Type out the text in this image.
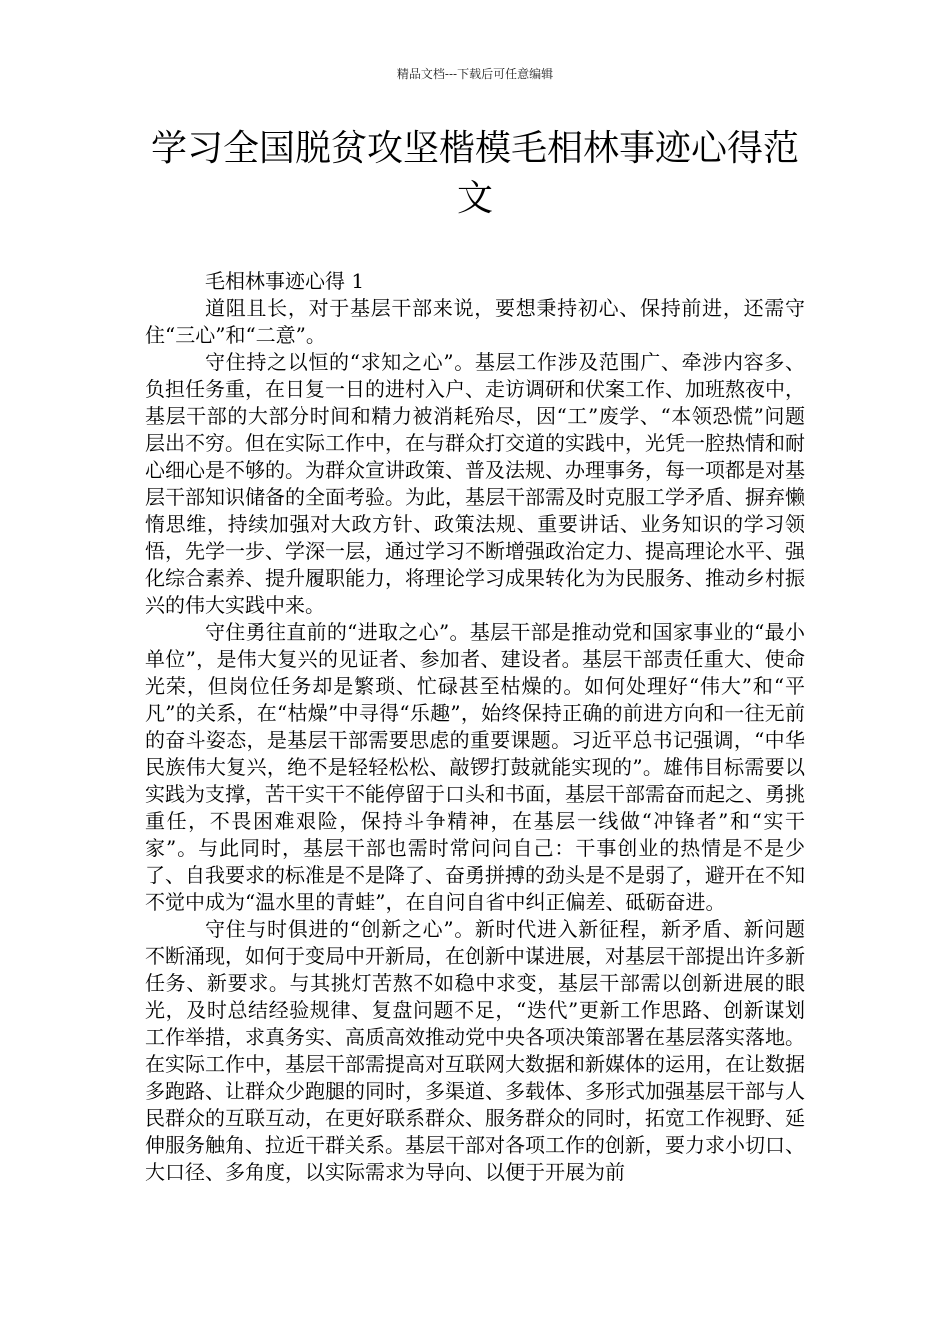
精品文档---下载后可任意编辑
学习全国脱贫攻坚楷模毛相林事迹心得范文
毛相林事迹心得 1

道阻且长，对于基层干部来说，要想秉持初心、保持前进，还需守住“三心”和“二意”。

守住持之以恒的“求知之心”。基层工作涉及范围广、牵涉内容多、负担任务重，在日复一日的进村入户、走访调研和伏案工作、加班熬夜中，基层干部的大部分时间和精力被消耗殆尽，因“工”废学、“本领恐慌”问题层出不穷。但在实际工作中，在与群众打交道的实践中，光凭一腔热情和耐心细心是不够的。为群众宣讲政策、普及法规、办理事务，每一项都是对基层干部知识储备的全面考验。为此，基层干部需及时克服工学矛盾、摒弃懒惰思维，持续加强对大政方针、政策法规、重要讲话、业务知识的学习领悟，先学一步、学深一层，通过学习不断增强政治定力、提高理论水平、强化综合素养、提升履职能力，将理论学习成果转化为为民服务、推动乡村振兴的伟大实践中来。

守住勇往直前的“进取之心”。基层干部是推动党和国家事业的“最小单位”，是伟大复兴的见证者、参加者、建设者。基层干部责任重大、使命光荣，但岗位任务却是繁琐、忙碌甚至枯燥的。如何处理好“伟大”和“平凡”的关系，在“枯燥”中寻得“乐趣”，始终保持正确的前进方向和一往无前的奋斗姿态，是基层干部需要思虑的重要课题。习近平总书记强调，“中华民族伟大复兴，绝不是轻轻松松、敲锣打鼓就能实现的”。雄伟目标需要以实践为支撑，苦干实干不能停留于口头和书面，基层干部需奋而起之、勇挑重任，不畏困难艰险，保持斗争精神，在基层一线做“冲锋者”和“实干家”。与此同时，基层干部也需时常问问自己：干事创业的热情是不是少了、自我要求的标准是不是降了、奋勇拼搏的劲头是不是弱了，避开在不知不觉中成为“温水里的青蛙”，在自问自省中纠正偏差、砥砺奋进。

守住与时俱进的“创新之心”。新时代进入新征程，新矛盾、新问题不断涌现，如何于变局中开新局，在创新中谋进展，对基层干部提出许多新任务、新要求。与其挑灯苦熬不如稳中求变，基层干部需以创新进展的眼光，及时总结经验规律、复盘问题不足，“迭代”更新工作思路、创新谋划工作举措，求真务实、高质高效推动党中央各项决策部署在基层落实落地。在实际工作中，基层干部需提高对互联网大数据和新媒体的运用，在让数据多跑路、让群众少跑腿的同时，多渠道、多载体、多形式加强基层干部与人民群众的互联互动，在更好联系群众、服务群众的同时，拓宽工作视野、延伸服务触角、拉近干群关系。基层干部对各项工作的创新，要力求小切口、大口径、多角度，以实际需求为导向、以便于开展为前
